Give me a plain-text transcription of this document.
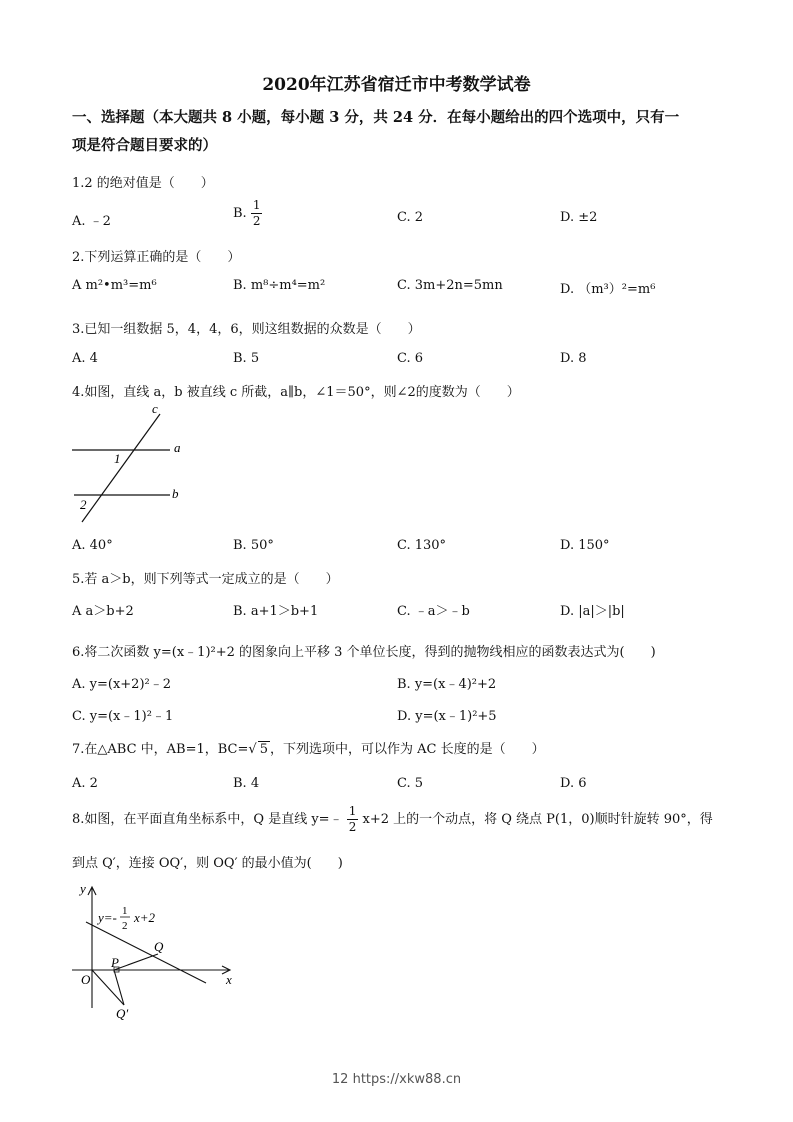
2020年江苏省宿迁市中考数学试卷
一、选择题（本大题共 8 小题，每小题 3 分，共 24 分．在每小题给出的四个选项中，只有一
项是符合题目要求的）
1.2 的绝对值是（　　）
A. ﹣2
B. $\frac{1}{2}$	C. 2	D. ±2
2.下列运算正确的是（　　）
A m²•m³=m⁶	B. m⁸÷m⁴=m²	C. 3m+2n=5mn	D. （m³）²=m⁶
3.已知一组数据 5，4，4，6，则这组数据的众数是（　　）
A. 4	B. 5	C. 6	D. 8
4.如图，直线 a，b 被直线 c 所截，a∥b，∠1＝50°，则∠2的度数为（　　）
c
a
b
1
2
A. 40°	B. 50°	C. 130°	D. 150°
5.若 a＞b，则下列等式一定成立的是（　　）
A a＞b+2	B. a+1＞b+1	C. ﹣a＞﹣b	D. |a|＞|b|
6.将二次函数 y=(x﹣1)²+2 的图象向上平移 3 个单位长度，得到的抛物线相应的函数表达式为(　　)
A. y=(x+2)²﹣2	B. y=(x﹣4)²+2
C. y=(x﹣1)²﹣1	D. y=(x﹣1)²+5
7.在△ABC 中，AB=1，BC=√ 5 ，下列选项中，可以作为 AC 长度的是（　　）
A. 2	B. 4	C. 5	D. 6
8.如图，在平面直角坐标系中，Q 是直线 y=﹣ $\frac{1}{2} x+2$ 上的一个动点，将 Q 绕点 P(1，0)顺时针旋转 90°，得
到点 Q′，连接 OQ′，则 OQ′ 的最小值为(　　)
y
x
O
P
Q
Q′
y=- 1
2
x+2
12 https://xkw88.cn
